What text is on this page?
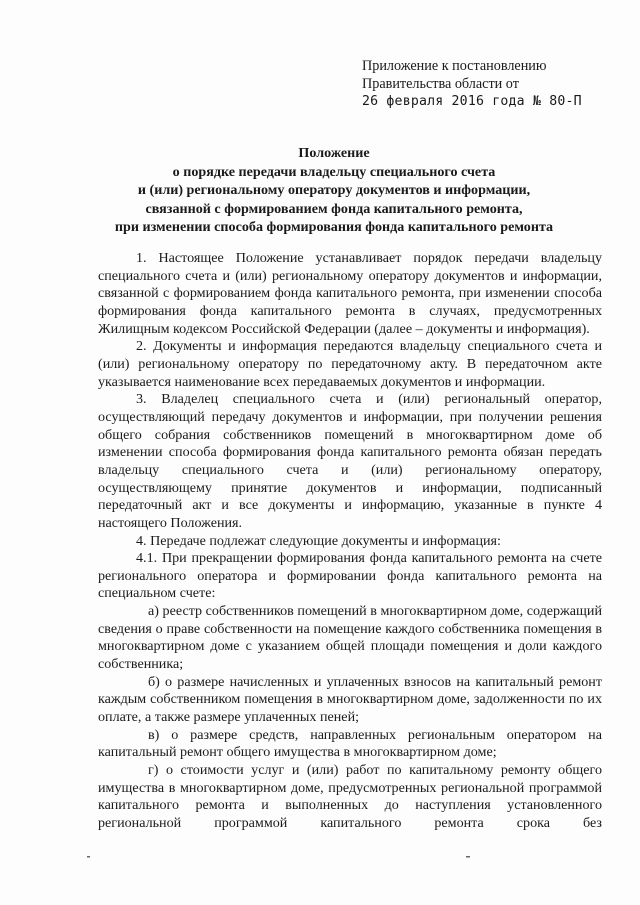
Приложение к постановлению
Правительства области от
26 февраля 2016 года № 80-П
Положение
о порядке передачи владельцу специального счета
и (или) региональному оператору документов и информации,
связанной с формированием фонда капитального ремонта,
при изменении способа формирования фонда капитального ремонта

1. Настоящее Положение устанавливает порядок передачи владельцу специального счета и (или) региональному оператору документов и информации, связанной с формированием фонда капитального ремонта, при изменении способа формирования фонда капитального ремонта в случаях, предусмотренных Жилищным кодексом Российской Федерации (далее – документы и информация).

2. Документы и информация передаются владельцу специального счета и (или) региональному оператору по передаточному акту. В передаточном акте указывается наименование всех передаваемых документов и информации.

3. Владелец специального счета и (или) региональный оператор, осуществляющий передачу документов и информации, при получении решения общего собрания собственников помещений в многоквартирном доме об изменении способа формирования фонда капитального ремонта обязан передать владельцу специального счета и (или) региональному оператору, осуществляющему принятие документов и информации, подписанный передаточный акт и все документы и информацию, указанные в пункте 4 настоящего Положения.

4. Передаче подлежат следующие документы и информация:

4.1. При прекращении формирования фонда капитального ремонта на счете регионального оператора и формировании фонда капитального ремонта на специальном счете:

а) реестр собственников помещений в многоквартирном доме, содержащий сведения о праве собственности на помещение каждого собственника помещения в многоквартирном доме с указанием общей площади помещения и доли каждого собственника;

б) о размере начисленных и уплаченных взносов на капитальный ремонт каждым собственником помещения в многоквартирном доме, задолженности по их оплате, а также размере уплаченных пеней;

в) о размере средств, направленных региональным оператором на капитальный ремонт общего имущества в многоквартирном доме;

г) о стоимости услуг и (или) работ по капитальному ремонту общего имущества в многоквартирном доме, предусмотренных региональной программой капитального ремонта и выполненных до наступления установленного региональной программой капитального ремонта срока без
